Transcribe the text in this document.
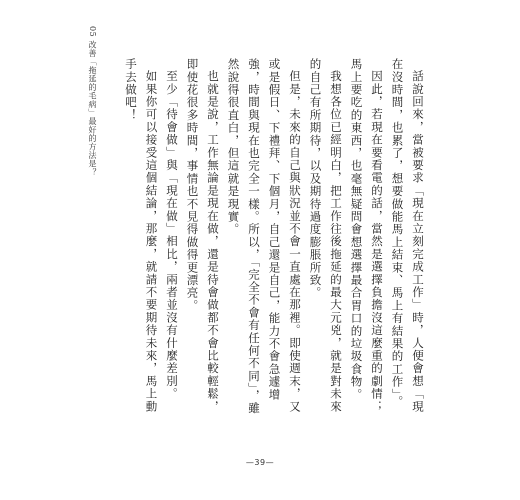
05 改善「拖延的毛病」最好的方法是？	話說回來，當被要求「現在立刻完成工作」時，人便會想「現在沒時間，也累了，想要做能馬上結束、馬上有結果的工作」。

因此，若現在要看電的話，當然是選擇負擔沒這麼重的劇情；馬上要吃的東西，也毫無疑問會想選擇最合胃口的垃圾食物。

我想各位已經明白，把工作往後拖延的最大元兇，就是對未來的自己有所期待，以及期待過度膨脹所致。

但是，未來的自己與狀況並不會一直處在那裡。即使週末，又或是假日、下禮拜、下個月，自己還是自己，能力不會急遽增強，時間與現在也完全一樣。所以，「完全不會有任何不同」，雖然說得很直白，但這就是現實。

也就是說，工作無論是現在做，還是待會做都不會比較輕鬆，即使花很多時間，事情也不見得做得更漂亮。

至少「待會做」與「現在做」相比，兩者並沒有什麼差別。

如果你可以接受這個結論，那麼，就請不要期待未來，馬上動手去做吧！

—39—
